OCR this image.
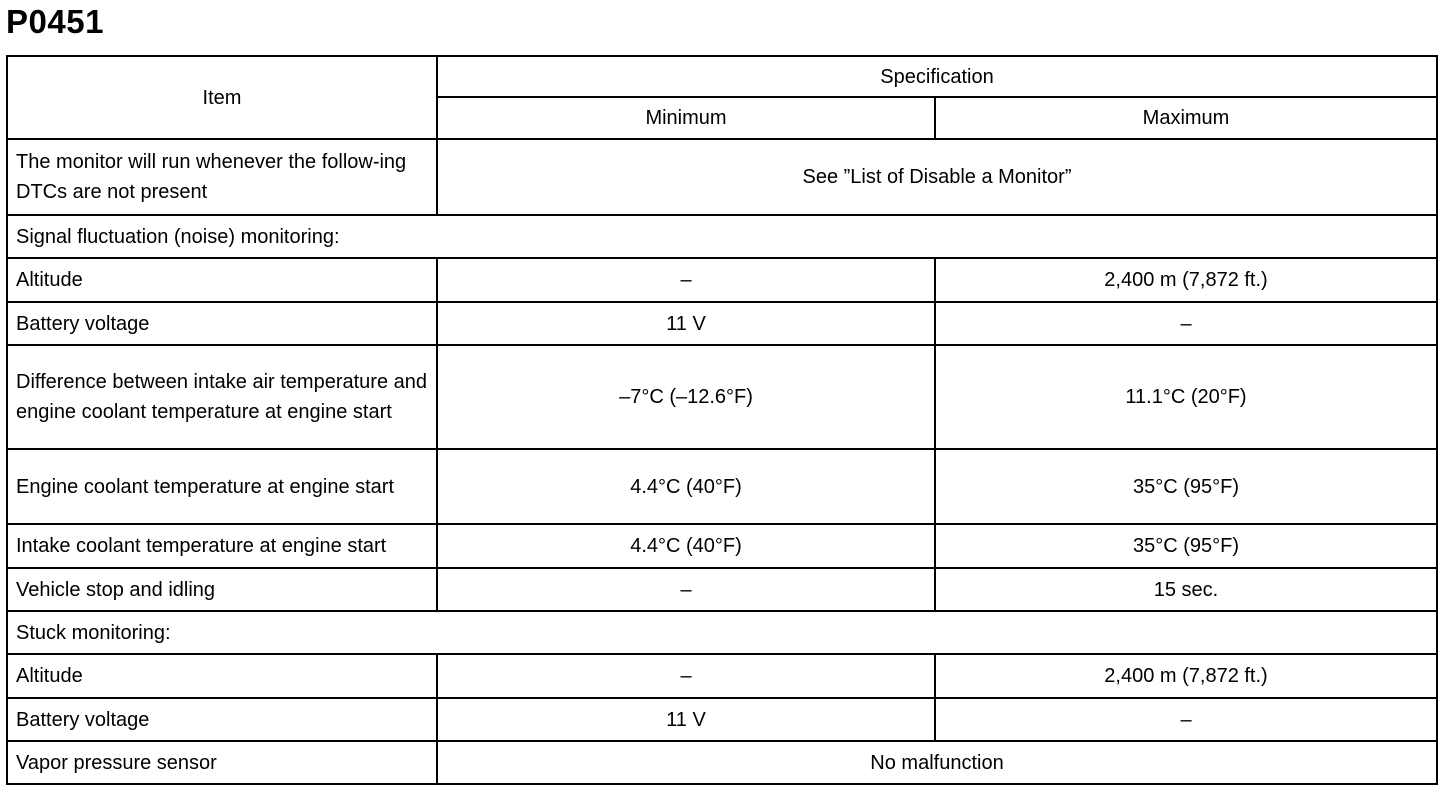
P0451
Item	Specification	
	Minimum	Maximum
The monitor will run whenever the follow-ing DTCs are not present	See ”List of Disable a Monitor”	
Signal fluctuation (noise) monitoring:		
Altitude	–	2,400 m (7,872 ft.)
Battery voltage	11 V	–
Difference between intake air temperature and engine coolant temperature at engine start	–7°C (–12.6°F)	11.1°C (20°F)
Engine coolant temperature at engine start	4.4°C (40°F)	35°C (95°F)
Intake coolant temperature at engine start	4.4°C (40°F)	35°C (95°F)
Vehicle stop and idling	–	15 sec.
Stuck monitoring:		
Altitude	–	2,400 m (7,872 ft.)
Battery voltage	11 V	–
Vapor pressure sensor	No malfunction	
